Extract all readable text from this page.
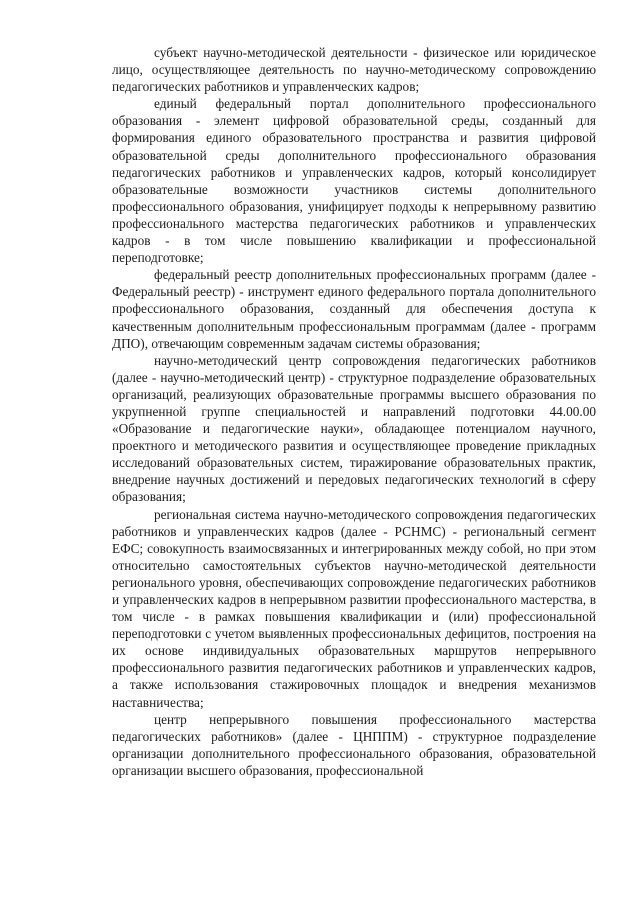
субъект научно-методической деятельности - физическое или юридическое лицо, осуществляющее деятельность по научно-методическому сопровождению педагогических работников и управленческих кадров;

единый федеральный портал дополнительного профессионального образования - элемент цифровой образовательной среды, созданный для формирования единого образовательного пространства и развития цифровой образовательной среды дополнительного профессионального образования педагогических работников и управленческих кадров, который консолидирует образовательные возможности участников системы дополнительного профессионального образования, унифицирует подходы к непрерывному развитию профессионального мастерства педагогических работников и управленческих кадров - в том числе повышению квалификации и профессиональной переподготовке;

федеральный реестр дополнительных профессиональных программ (далее - Федеральный реестр) - инструмент единого федерального портала дополнительного профессионального образования, созданный для обеспечения доступа к качественным дополнительным профессиональным программам (далее - программ ДПО), отвечающим современным задачам системы образования;

научно-методический центр сопровождения педагогических работников (далее - научно-методический центр) - структурное подразделение образовательных организаций, реализующих образовательные программы высшего образования по укрупненной группе специальностей и направлений подготовки 44.00.00 «Образование и педагогические науки», обладающее потенциалом научного, проектного и методического развития и осуществляющее проведение прикладных исследований образовательных систем, тиражирование образовательных практик, внедрение научных достижений и передовых педагогических технологий в сферу образования;

региональная система научно-методического сопровождения педагогических работников и управленческих кадров (далее - РСНМС) - региональный сегмент ЕФС; совокупность взаимосвязанных и интегрированных между собой, но при этом относительно самостоятельных субъектов научно-методической деятельности регионального уровня, обеспечивающих сопровождение педагогических работников и управленческих кадров в непрерывном развитии профессионального мастерства, в том числе - в рамках повышения квалификации и (или) профессиональной переподготовки с учетом выявленных профессиональных дефицитов, построения на их основе индивидуальных образовательных маршрутов непрерывного профессионального развития педагогических работников и управленческих кадров, а также использования стажировочных площадок и внедрения механизмов наставничества;

центр непрерывного повышения профессионального мастерства педагогических работников» (далее - ЦНППМ) - структурное подразделение организации дополнительного профессионального образования, образовательной организации высшего образования, профессиональной
